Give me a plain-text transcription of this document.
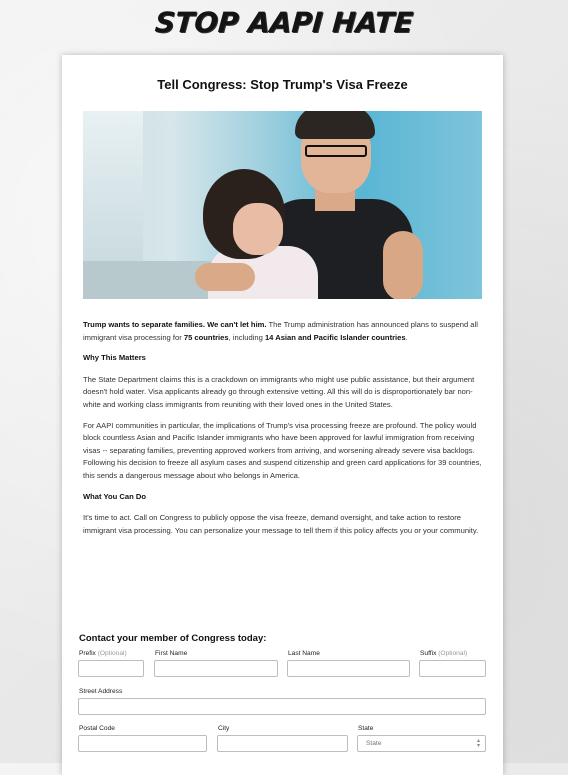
STOP AAPI HATE
Tell Congress: Stop Trump's Visa Freeze

Trump wants to separate families. We can't let him. The Trump administration has announced plans to suspend all immigrant visa processing for 75 countries, including 14 Asian and Pacific Islander countries.

Why This Matters

The State Department claims this is a crackdown on immigrants who might use public assistance, but their argument doesn't hold water. Visa applicants already go through extensive vetting. All this will do is disproportionately bar non-white and working class immigrants from reuniting with their loved ones in the United States.

For AAPI communities in particular, the implications of Trump's visa processing freeze are profound. The policy would block countless Asian and Pacific Islander immigrants who have been approved for lawful immigration from receiving visas -- separating families, preventing approved workers from arriving, and worsening already severe visa backlogs. Following his decision to freeze all asylum cases and suspend citizenship and green card applications for 39 countries, this sends a dangerous message about who belongs in America.

What You Can Do

It's time to act. Call on Congress to publicly oppose the visa freeze, demand oversight, and take action to restore immigrant visa processing. You can personalize your message to tell them if this policy affects you or your community.

Contact your member of Congress today:
Prefix (Optional)	First Name	Last Name	Suffix (Optional)
Street Address
Postal Code	City	State
State	▴
▾
